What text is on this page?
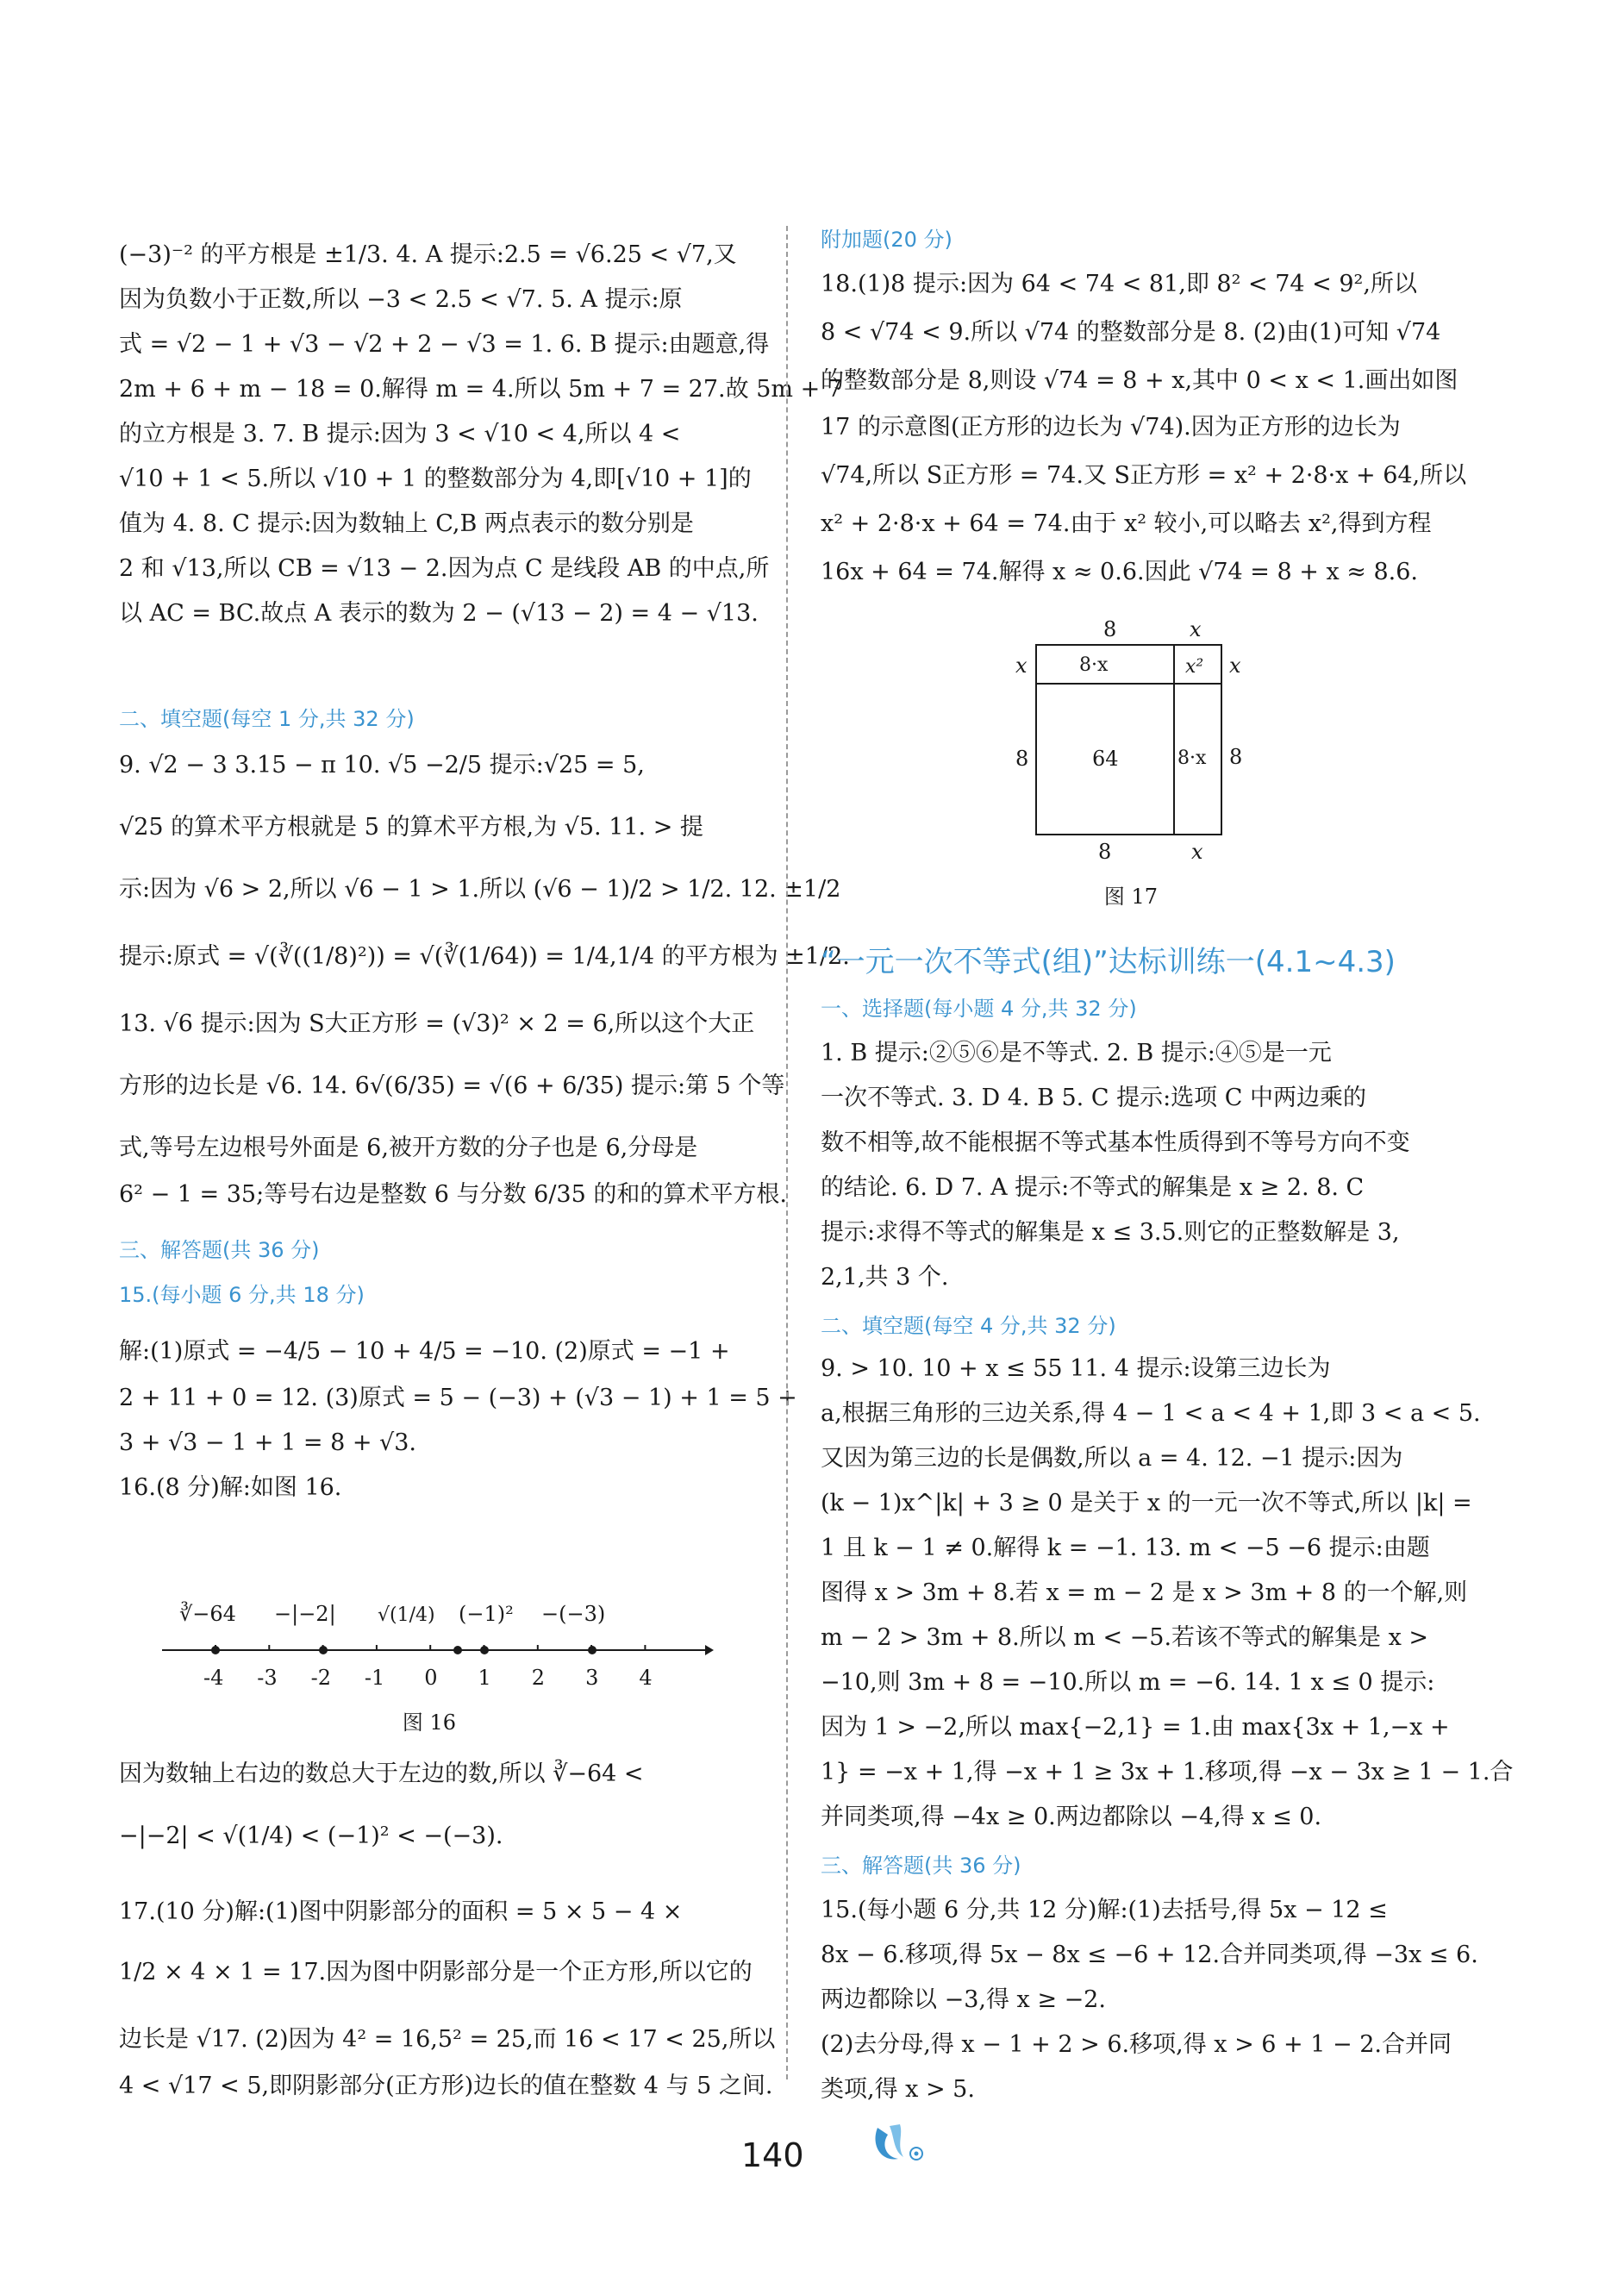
(−3)⁻² 的平方根是 ±1/3. 4. A 提示:2.5 = √6.25 < √7,又
因为负数小于正数,所以 −3 < 2.5 < √7. 5. A 提示:原
式 = √2 − 1 + √3 − √2 + 2 − √3 = 1. 6. B 提示:由题意,得
2m + 6 + m − 18 = 0.解得 m = 4.所以 5m + 7 = 27.故 5m + 7
的立方根是 3. 7. B 提示:因为 3 < √10 < 4,所以 4 <
√10 + 1 < 5.所以 √10 + 1 的整数部分为 4,即[√10 + 1]的
值为 4. 8. C 提示:因为数轴上 C,B 两点表示的数分别是
2 和 √13,所以 CB = √13 − 2.因为点 C 是线段 AB 的中点,所
以 AC = BC.故点 A 表示的数为 2 − (√13 − 2) = 4 − √13.
二、填空题(每空 1 分,共 32 分)
9. √2 − 3 3.15 − π 10. √5 −2/5 提示:√25 = 5,
√25 的算术平方根就是 5 的算术平方根,为 √5. 11. > 提
示:因为 √6 > 2,所以 √6 − 1 > 1.所以 (√6 − 1)/2 > 1/2. 12. ±1/2
提示:原式 = √(∛((1/8)²)) = √(∛(1/64)) = 1/4,1/4 的平方根为 ±1/2.
13. √6 提示:因为 S大正方形 = (√3)² × 2 = 6,所以这个大正
方形的边长是 √6. 14. 6√(6/35) = √(6 + 6/35) 提示:第 5 个等
式,等号左边根号外面是 6,被开方数的分子也是 6,分母是
6² − 1 = 35;等号右边是整数 6 与分数 6/35 的和的算术平方根.
三、解答题(共 36 分)
15.(每小题 6 分,共 18 分)
解:(1)原式 = −4/5 − 10 + 4/5 = −10. (2)原式 = −1 +
2 + 11 + 0 = 12. (3)原式 = 5 − (−3) + (√3 − 1) + 1 = 5 +
3 + √3 − 1 + 1 = 8 + √3.
16.(8 分)解:如图 16.
∛−64 −|−2| √(1/4) (−1)² −(−3)
-4 -3 -2 -1 0 1 2 3 4
图 16
因为数轴上右边的数总大于左边的数,所以 ∛−64 <
−|−2| < √(1/4) < (−1)² < −(−3).
17.(10 分)解:(1)图中阴影部分的面积 = 5 × 5 − 4 ×
1/2 × 4 × 1 = 17.因为图中阴影部分是一个正方形,所以它的
边长是 √17. (2)因为 4² = 16,5² = 25,而 16 < 17 < 25,所以
4 < √17 < 5,即阴影部分(正方形)边长的值在整数 4 与 5 之间.
附加题(20 分)
18.(1)8 提示:因为 64 < 74 < 81,即 8² < 74 < 9²,所以
8 < √74 < 9.所以 √74 的整数部分是 8. (2)由(1)可知 √74
的整数部分是 8,则设 √74 = 8 + x,其中 0 < x < 1.画出如图
17 的示意图(正方形的边长为 √74).因为正方形的边长为
√74,所以 S正方形 = 74.又 S正方形 = x² + 2·8·x + 64,所以
x² + 2·8·x + 64 = 74.由于 x² 较小,可以略去 x²,得到方程
16x + 64 = 74.解得 x ≈ 0.6.因此 √74 = 8 + x ≈ 8.6.
8	x
8·x	x²
64	8·x
x
8
x
8
8	x
图 17
“一元一次不等式(组)”达标训练一(4.1~4.3)
一、选择题(每小题 4 分,共 32 分)
1. B 提示:②⑤⑥是不等式. 2. B 提示:④⑤是一元
一次不等式. 3. D 4. B 5. C 提示:选项 C 中两边乘的
数不相等,故不能根据不等式基本性质得到不等号方向不变
的结论. 6. D 7. A 提示:不等式的解集是 x ≥ 2. 8. C
提示:求得不等式的解集是 x ≤ 3.5.则它的正整数解是 3,
2,1,共 3 个.
二、填空题(每空 4 分,共 32 分)
9. > 10. 10 + x ≤ 55 11. 4 提示:设第三边长为
a,根据三角形的三边关系,得 4 − 1 < a < 4 + 1,即 3 < a < 5.
又因为第三边的长是偶数,所以 a = 4. 12. −1 提示:因为
(k − 1)x^|k| + 3 ≥ 0 是关于 x 的一元一次不等式,所以 |k| =
1 且 k − 1 ≠ 0.解得 k = −1. 13. m < −5 −6 提示:由题
图得 x > 3m + 8.若 x = m − 2 是 x > 3m + 8 的一个解,则
m − 2 > 3m + 8.所以 m < −5.若该不等式的解集是 x >
−10,则 3m + 8 = −10.所以 m = −6. 14. 1 x ≤ 0 提示:
因为 1 > −2,所以 max{−2,1} = 1.由 max{3x + 1,−x +
1} = −x + 1,得 −x + 1 ≥ 3x + 1.移项,得 −x − 3x ≥ 1 − 1.合
并同类项,得 −4x ≥ 0.两边都除以 −4,得 x ≤ 0.
三、解答题(共 36 分)
15.(每小题 6 分,共 12 分)解:(1)去括号,得 5x − 12 ≤
8x − 6.移项,得 5x − 8x ≤ −6 + 12.合并同类项,得 −3x ≤ 6.
两边都除以 −3,得 x ≥ −2.
(2)去分母,得 x − 1 + 2 > 6.移项,得 x > 6 + 1 − 2.合并同
类项,得 x > 5.
140
